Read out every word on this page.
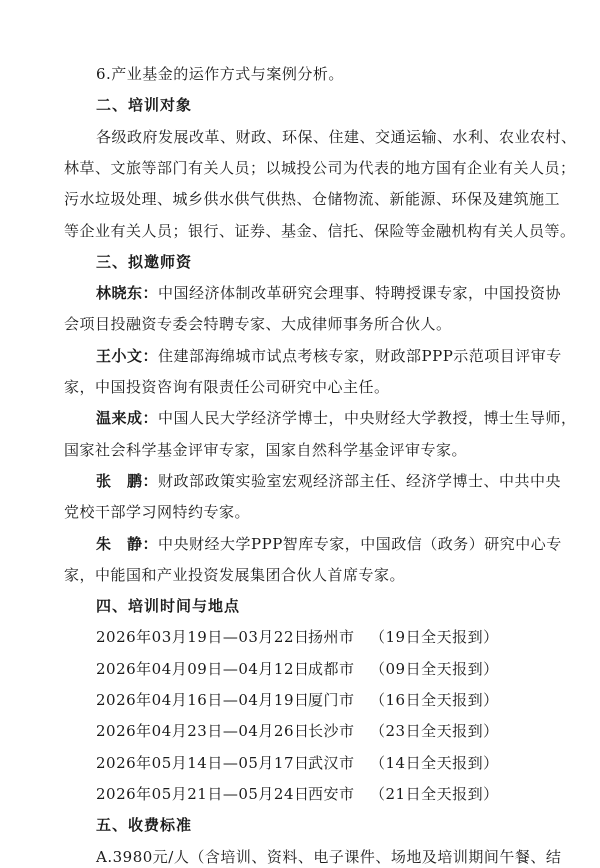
6.产业基金的运作方式与案例分析。
二、培训对象
各级政府发展改革、财政、环保、住建、交通运输、水利、农业农村、
林草、文旅等部门有关人员；以城投公司为代表的地方国有企业有关人员；
污水垃圾处理、城乡供水供气供热、仓储物流、新能源、环保及建筑施工
等企业有关人员；银行、证券、基金、信托、保险等金融机构有关人员等。
三、拟邀师资
林晓东：中国经济体制改革研究会理事、特聘授课专家，中国投资协
会项目投融资专委会特聘专家、大成律师事务所合伙人。
王小文：住建部海绵城市试点考核专家，财政部PPP示范项目评审专
家，中国投资咨询有限责任公司研究中心主任。
温来成：中国人民大学经济学博士，中央财经大学教授，博士生导师，
国家社会科学基金评审专家，国家自然科学基金评审专家。
张　鹏：财政部政策实验室宏观经济部主任、经济学博士、中共中央
党校干部学习网特约专家。
朱　静：中央财经大学PPP智库专家，中国政信（政务）研究中心专
家，中能国和产业投资发展集团合伙人首席专家。
四、培训时间与地点
2026年03月19日—03月22日扬州市 （19日全天报到）
2026年04月09日—04月12日成都市 （09日全天报到）
2026年04月16日—04月19日厦门市 （16日全天报到）
2026年04月23日—04月26日长沙市 （23日全天报到）
2026年05月14日—05月17日武汉市 （14日全天报到）
2026年05月21日—05月24日西安市 （21日全天报到）
五、收费标准
A.3980元/人（含培训、资料、电子课件、场地及培训期间午餐、结
